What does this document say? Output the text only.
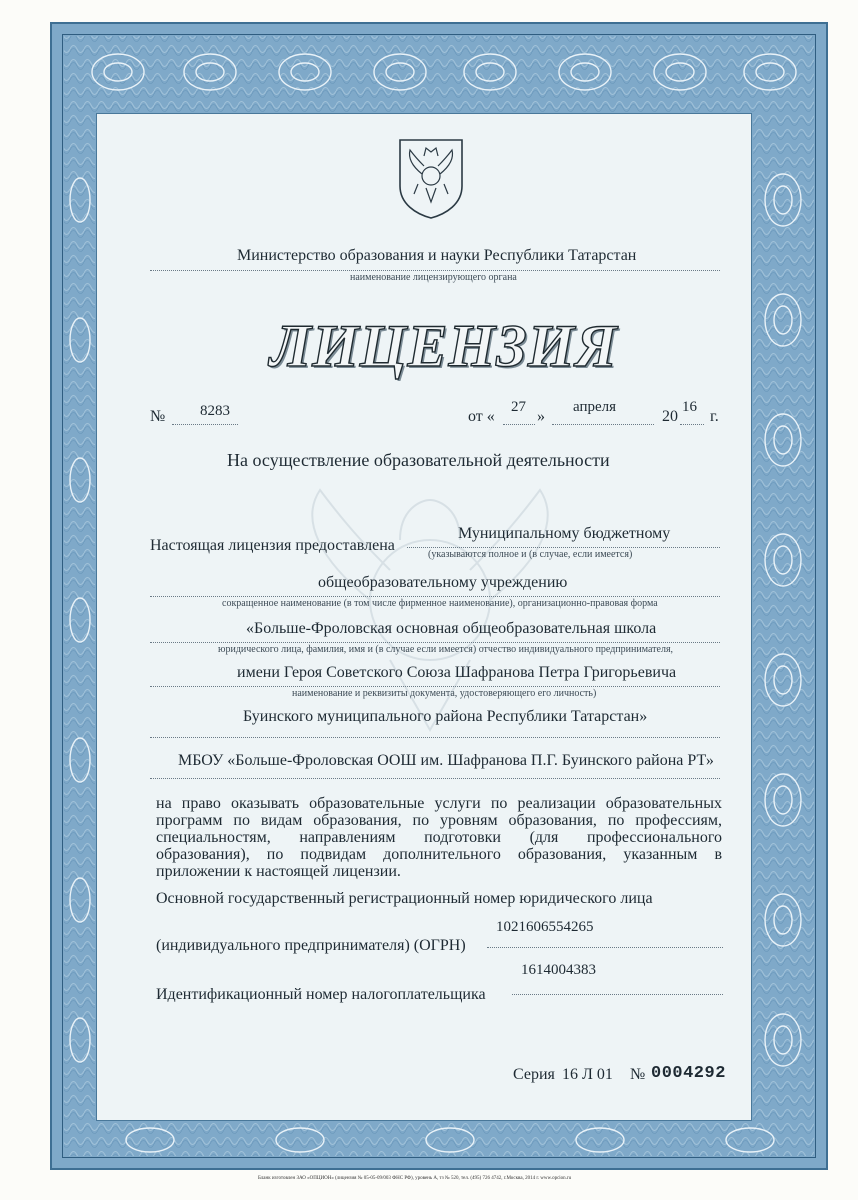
Министерство образования и науки Республики Татарстан
наименование лицензирующего органа
ЛИЦЕНЗИЯ
№ 8283	от «
27
»
апреля
20
16
г.
На осуществление образовательной деятельности
Настоящая лицензия предоставлена
Муниципальному бюджетному
(указываются полное и (в случае, если имеется)
общеобразовательному учреждению
сокращенное наименование (в том числе фирменное наименование), организационно-правовая форма
«Больше-Фроловская основная общеобразовательная школа
юридического лица, фамилия, имя и (в случае если имеется) отчество индивидуального предпринимателя,
имени Героя Советского Союза Шафранова Петра Григорьевича
наименование и реквизиты документа, удостоверяющего его личность)
Буинского муниципального района Республики Татарстан»
МБОУ «Больше-Фроловская ООШ им. Шафранова П.Г. Буинского района РТ»
на право оказывать образовательные услуги по реализации образовательных
программ по видам образования, по уровням образования, по профессиям,
специальностям, направлениям подготовки (для профессионального
образования), по подвидам дополнительного образования, указанным в
приложении к настоящей лицензии.
Основной государственный регистрационный номер юридического лица
1021606554265
(индивидуального предпринимателя) (ОГРН)
1614004383
Идентификационный номер налогоплательщика
Серия 16 Л 01 № 0004292
Бланк изготовлен ЗАО «ОПЦИОН» (лицензия № 05-05-09/003 ФНС РФ), уровень А, тз № 520, тел. (495) 726 4742, г.Москва, 2014 г. www.opcion.ru
